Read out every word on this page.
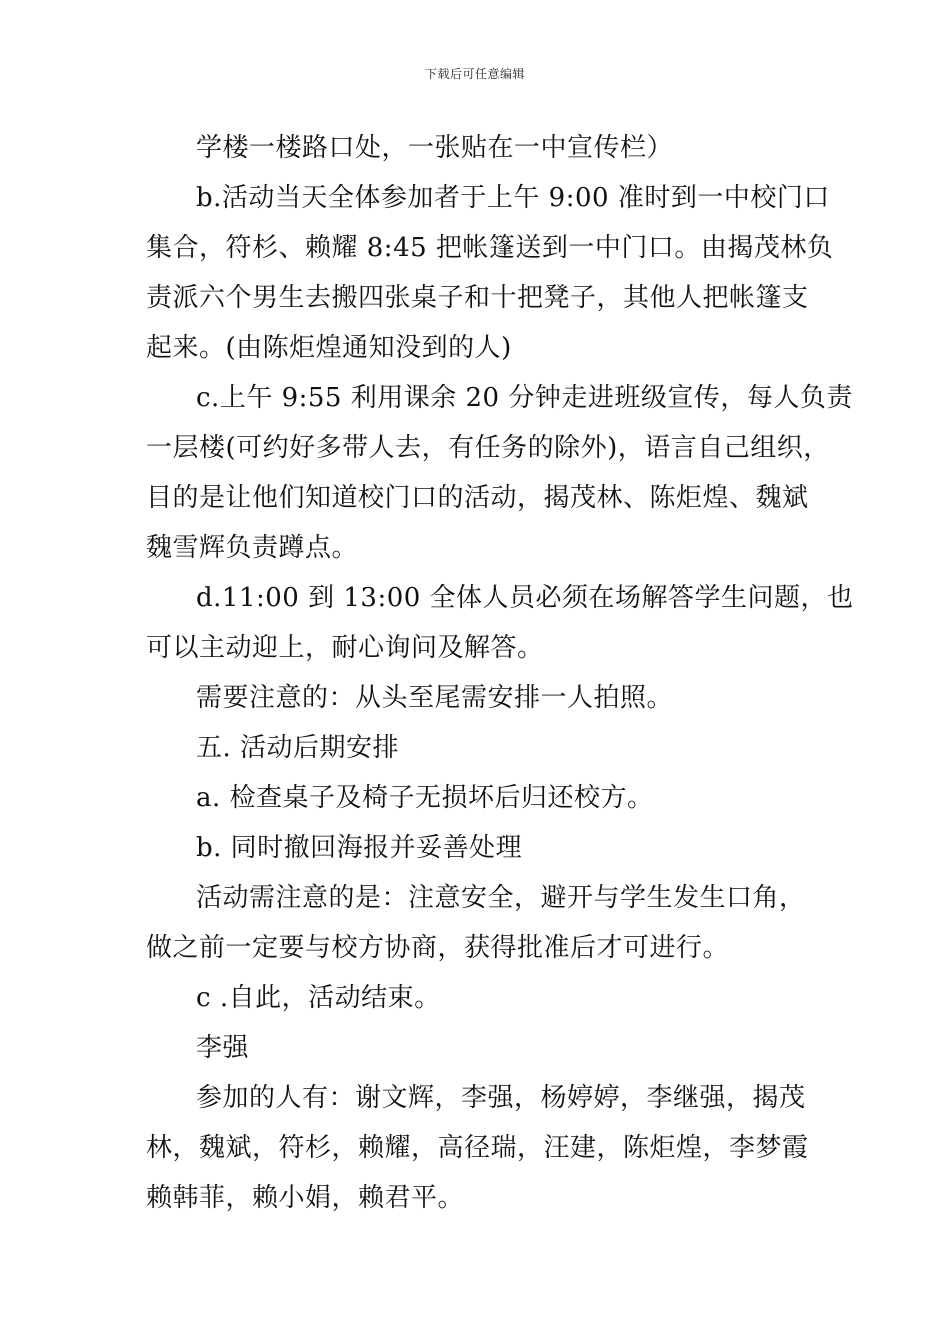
下载后可任意编辑
学楼一楼路口处，一张贴在一中宣传栏）
b.活动当天全体参加者于上午 9:00 准时到一中校门口
集合，符杉、赖耀 8:45 把帐篷送到一中门口。由揭茂林负
责派六个男生去搬四张桌子和十把凳子，其他人把帐篷支
起来。(由陈炬煌通知没到的人)
c.上午 9:55 利用课余 20 分钟走进班级宣传，每人负责
一层楼(可约好多带人去，有任务的除外)，语言自己组织，
目的是让他们知道校门口的活动，揭茂林、陈炬煌、魏斌
魏雪辉负责蹲点。
d.11:00 到 13:00 全体人员必须在场解答学生问题，也
可以主动迎上，耐心询问及解答。
需要注意的：从头至尾需安排一人拍照。
五. 活动后期安排
a. 检查桌子及椅子无损坏后归还校方。
b. 同时撤回海报并妥善处理
活动需注意的是：注意安全，避开与学生发生口角，
做之前一定要与校方协商，获得批准后才可进行。
c .自此，活动结束。
李强
参加的人有：谢文辉，李强，杨婷婷，李继强，揭茂
林，魏斌，符杉，赖耀，高径瑞，汪建，陈炬煌，李梦霞
赖韩菲，赖小娟，赖君平。
